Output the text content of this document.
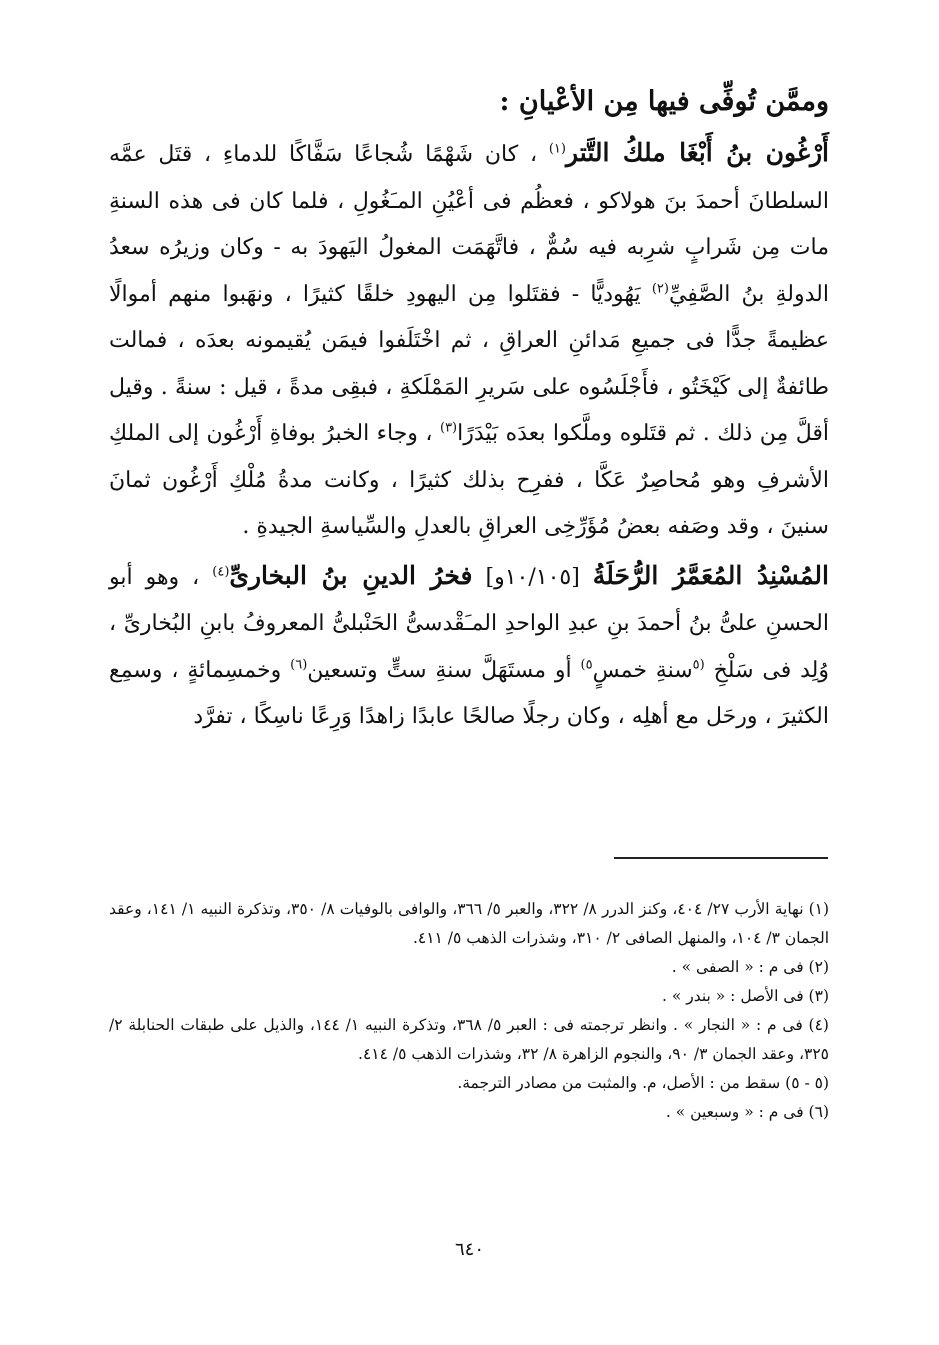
وممَّن تُوفِّى فيها مِن الأعْيانِ :

أَرْغُون بنُ أَبْغَا ملكُ التَّتر$^{(١)}$ ، كان شَهْمًا شُجاعًا سَفَّاكًا للدماءِ ، قتَل عمَّه السلطانَ أحمدَ بنَ هولاكو ، فعظُم فى أعْيُنِ المـَغُولِ ، فلما كان فى هذه السنةِ مات مِن شَرابٍ شرِبه فيه سُمٌّ ، فاتَّهَمَت المغولُ اليَهودَ به - وكان وزيرُه سعدُ الدولةِ بنُ الصَّفِيِّ$^{(٢)}$ يَهُوديًّا - فقتَلوا مِن اليهودِ خلقًا كثيرًا ، ونهَبوا منهم أموالًا عظيمةً جدًّا فى جميعِ مَدائنِ العراقِ ، ثم اخْتَلَفوا فيمَن يُقيمونه بعدَه ، فمالت طائفةٌ إلى كَيْخَتُو ، فأَجْلَسُوه على سَريرِ المَمْلَكةِ ، فبقِى مدةً ، قيل : سنةً . وقيل أقلَّ مِن ذلك . ثم قتَلوه وملَّكوا بعدَه بَيْدَرًا$^{(٣)}$ ، وجاء الخبرُ بوفاةِ أَرْغُون إلى الملكِ الأشرفِ وهو مُحاصِرٌ عَكَّا ، ففرِح بذلك كثيرًا ، وكانت مدةُ مُلْكِ أَرْغُون ثمانَ سنينَ ، وقد وصَفه بعضُ مُؤَرِّخِى العراقِ بالعدلِ والسِّياسةِ الجيدةِ .

المُسْنِدُ المُعَمَّرُ الرُّحَلَةُ [١٠/١٠٥و] فخرُ الدينِ بنُ البخارىِّ$^{(٤)}$ ، وهو أبو الحسنِ علىُّ بنُ أحمدَ بنِ عبدِ الواحدِ المـَقْدسىُّ الحَنْبلىُّ المعروفُ بابنِ البُخارىِّ ، وُلِد فى سَلْخِ $^{(٥}$سنةِ خمسٍ$^{٥)}$ أو مستَهَلَّ سنةِ ستٍّ وتسعين$^{(٦)}$ وخمسِمائةٍ ، وسمِع الكثيرَ ، ورحَل مع أهلِه ، وكان رجلًا صالحًا عابدًا زاهدًا وَرِعًا ناسِكًا ، تفرَّد

(١) نهاية الأرب ٢٧/ ٤٠٤، وكنز الدرر ٨/ ٣٢٢، والعبر ٥/ ٣٦٦، والوافى بالوفيات ٨/ ٣٥٠، وتذكرة النبيه ١/ ١٤١، وعقد الجمان ٣/ ١٠٤، والمنهل الصافى ٢/ ٣١٠، وشذرات الذهب ٥/ ٤١١.

(٢) فى م : « الصفى » .

(٣) فى الأصل : « بندر » .

(٤) فى م : « النجار » . وانظر ترجمته فى : العبر ٥/ ٣٦٨، وتذكرة النبيه ١/ ١٤٤، والذيل على طبقات الحنابلة ٢/ ٣٢٥، وعقد الجمان ٣/ ٩٠، والنجوم الزاهرة ٨/ ٣٢، وشذرات الذهب ٥/ ٤١٤.

(٥ - ٥) سقط من : الأصل، م. والمثبت من مصادر الترجمة.

(٦) فى م : « وسبعين » .

٦٤٠
